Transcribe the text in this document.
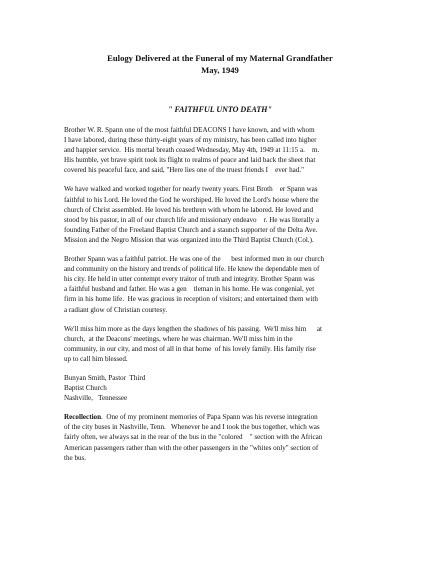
Eulogy Delivered at the Funeral of my Maternal Grandfather
May, 1949
" FAITHFUL UNTO DEATH"

Brother W. R. Spann one of the most faithful DEACONS I have known, and with whom
I have labored, during these thirty-eight years of my ministry, has been called into higher
and happier service.  His mortal breath ceased Wednesday, May 4th, 1949 at 11:15 a.    m.
His humble, yet brave spirit took its flight to realms of peace and laid back the sheet that
covered his peaceful face, and said, "Here lies one of the truest friends I    ever had."

We have walked and worked together for nearly twenty years. First Broth    er Spann was
faithful to his Lord. He loved the God he worshiped. He loved the Lord's house where the
church of Christ assembled. He loved his brethren with whom he labored. He loved and
stood by his pastor, in all of our church life and missionary endeavo    r. He was literally a
founding Father of the Freeland Baptist Church and a staunch supporter of the Delta Ave.
Mission and the Negro Mission that was organized into the Third Baptist Church (Col.).

Brother Spann was a faithful patriot. He was one of the      best informed men in our church
and community on the history and trends of political life. He knew the dependable men of
his city. He held in utter contempt every traitor of truth and integrity. Brother Spann was
a faithful husband and father. He was a gen    tleman in his home. He was congenial, yet
firm in his home life.  He was gracious in reception of visitors; and entertained them with
a radiant glow of Christian courtesy.

We'll miss him more as the days lengthen the shadows of his passing.  We'll miss him      at
church,  at the Deacons' meetings, where he was chairman. We'll miss him in the
community, in our city, and most of all in that home  of his lovely family. His family rise
up to call him blessed.

Bunyan Smith, Pastor  Third
Baptist Church
Nashville,   Tennessee

Recollection.  One of my prominent memories of Papa Spann was his reverse integration
of the city buses in Nashville, Tenn.   Whenever he and I took the bus together, which was
fairly often, we always sat in the rear of the bus in the "colored    " section with the African
American passengers rather than with the other passengers in the "whites only" section of
the bus.
